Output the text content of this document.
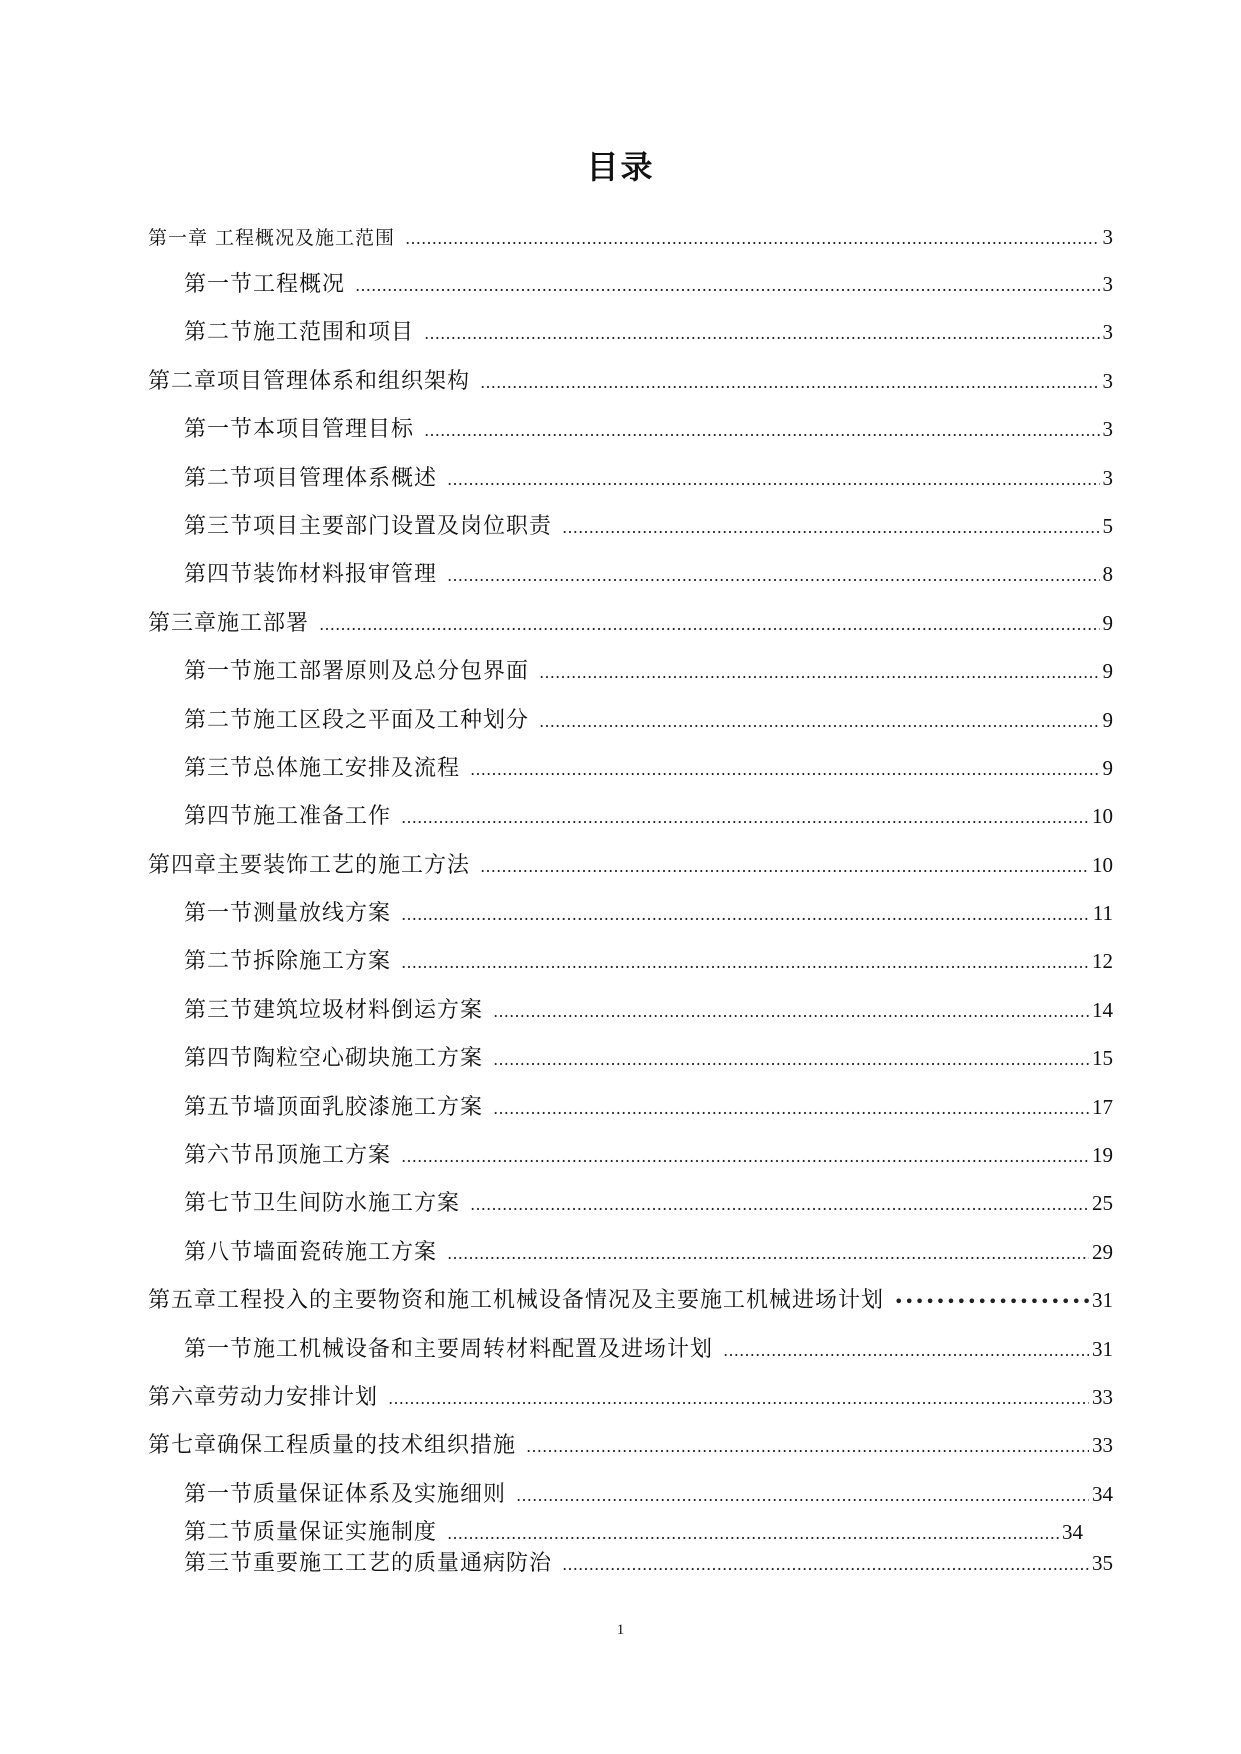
目录
第一章 工程概况及施工范围 …………………………………………………………………………………………………………………………………………………………………………	3
第一节工程概况 …………………………………………………………………………………………………………………………………………………………………………	3
第二节施工范围和项目 …………………………………………………………………………………………………………………………………………………………………………	3
第二章项目管理体系和组织架构 …………………………………………………………………………………………………………………………………………………………………………	3
第一节本项目管理目标 …………………………………………………………………………………………………………………………………………………………………………	3
第二节项目管理体系概述 …………………………………………………………………………………………………………………………………………………………………………	3
第三节项目主要部门设置及岗位职责 …………………………………………………………………………………………………………………………………………………………………………	5
第四节装饰材料报审管理 …………………………………………………………………………………………………………………………………………………………………………	8
第三章施工部署 …………………………………………………………………………………………………………………………………………………………………………	9
第一节施工部署原则及总分包界面 …………………………………………………………………………………………………………………………………………………………………………	9
第二节施工区段之平面及工种划分 …………………………………………………………………………………………………………………………………………………………………………	9
第三节总体施工安排及流程 …………………………………………………………………………………………………………………………………………………………………………	9
第四节施工准备工作 …………………………………………………………………………………………………………………………………………………………………………	10
第四章主要装饰工艺的施工方法 …………………………………………………………………………………………………………………………………………………………………………	10
第一节测量放线方案 …………………………………………………………………………………………………………………………………………………………………………	11
第二节拆除施工方案 …………………………………………………………………………………………………………………………………………………………………………	12
第三节建筑垃圾材料倒运方案 …………………………………………………………………………………………………………………………………………………………………………	14
第四节陶粒空心砌块施工方案 …………………………………………………………………………………………………………………………………………………………………………	15
第五节墙顶面乳胶漆施工方案 …………………………………………………………………………………………………………………………………………………………………………	17
第六节吊顶施工方案 …………………………………………………………………………………………………………………………………………………………………………	19
第七节卫生间防水施工方案 …………………………………………………………………………………………………………………………………………………………………………	25
第八节墙面瓷砖施工方案 …………………………………………………………………………………………………………………………………………………………………………	29
第五章工程投入的主要物资和施工机械设备情况及主要施工机械进场计划 •••••	31
第一节施工机械设备和主要周转材料配置及进场计划 …………………………………………………………………………………………………………………………………………………………………………	31
第六章劳动力安排计划 …………………………………………………………………………………………………………………………………………………………………………	33
第七章确保工程质量的技术组织措施 …………………………………………………………………………………………………………………………………………………………………………	33
第一节质量保证体系及实施细则 …………………………………………………………………………………………………………………………………………………………………………	34
第二节质量保证实施制度 …………………………………………………………………………………………………………………………………………………………………………	34
第三节重要施工工艺的质量通病防治 …………………………………………………………………………………………………………………………………………………………………………	35
1
